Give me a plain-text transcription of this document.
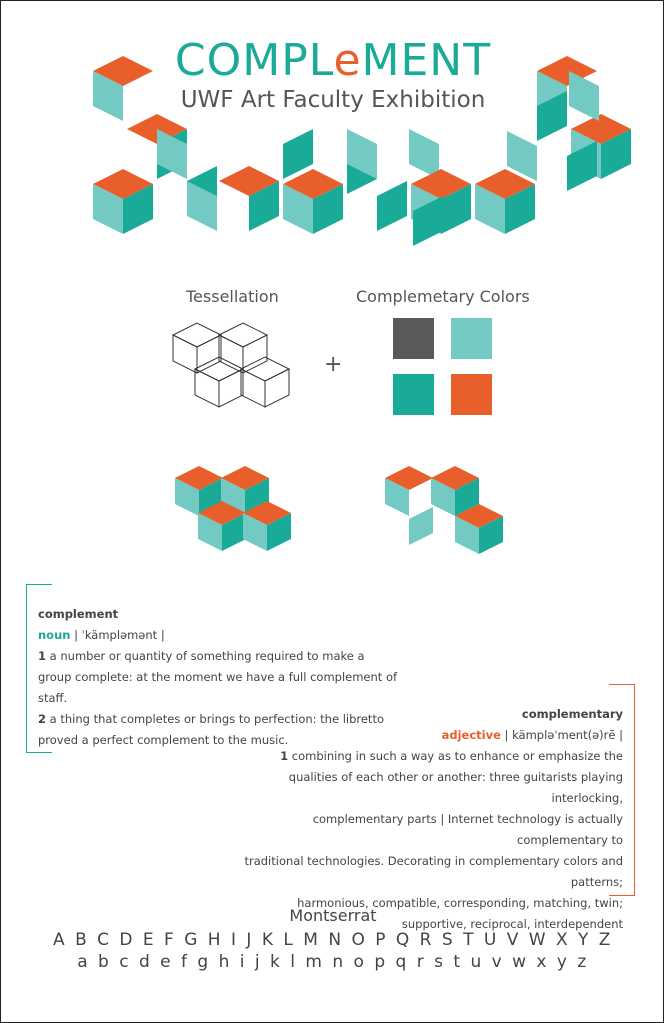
COMPLeMENT
UWF Art Faculty Exhibition
Tessellation	Complemetary Colors
+
complement
noun | ˈkämpləmənt |
1 a number or quantity of something required to make a
group complete: at the moment we have a full complement of staff.
2 a thing that completes or brings to perfection: the libretto
proved a perfect complement to the music.
complementary
adjective | kämpləˈment(ə)rē |
1 combining in such a way as to enhance or emphasize the
qualities of each other or another: three guitarists playing interlocking,
complementary parts | Internet technology is actually complementary to
traditional technologies. Decorating in complementary colors and patterns;
harmonious, compatible, corresponding, matching, twin;
supportive, reciprocal, interdependent
Montserrat
A B C D E F G H I J K L M N O P Q R S T U V W X Y Z
a b c d e f g h i j k l m n o p q r s t u v w x y z
